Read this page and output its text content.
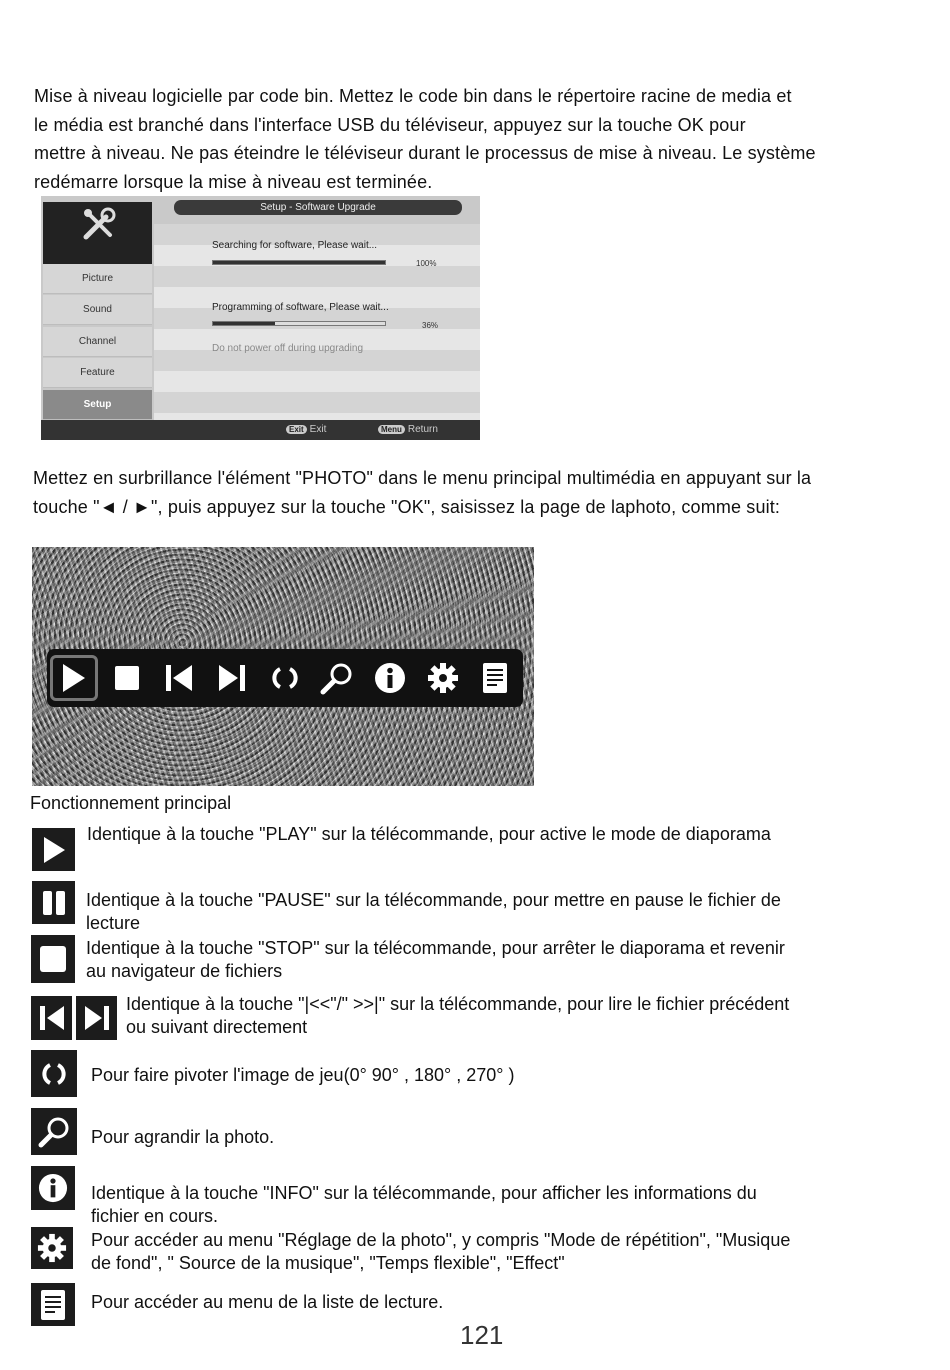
Mise à niveau logicielle par code bin. Mettez le code bin dans le répertoire racine de media et
le média est branché dans l'interface USB du téléviseur, appuyez sur la touche OK pour
mettre à niveau. Ne pas éteindre le téléviseur durant le processus de mise à niveau. Le système
redémarre lorsque la mise à niveau est terminée.
Setup - Software Upgrade
Picture
Sound
Channel
Feature
Setup
Searching for software, Please wait...
100%
Programming of software, Please wait...
36%
Do not power off during upgrading
Exit Exit	Menu Return
Mettez en surbrillance l'élément "PHOTO" dans le menu principal multimédia en appuyant sur la
touche "◄ / ►", puis appuyez sur la touche "OK", saisissez la page de laphoto, comme suit:
Fonctionnement principal
Identique à la touche "PLAY" sur la télécommande, pour active le mode de diaporama
Identique à la touche "PAUSE" sur la télécommande, pour mettre en pause le fichier de
lecture
Identique à la touche "STOP" sur la télécommande, pour arrêter le diaporama et revenir
au navigateur de fichiers
Identique à la touche "|<<"/" >>|" sur la télécommande, pour lire le fichier précédent
ou suivant directement
Pour faire pivoter l'image de jeu(0° 90° , 180° , 270° )
Pour agrandir la photo.
Identique à la touche "INFO" sur la télécommande, pour afficher les informations du
fichier en cours.
Pour accéder au menu "Réglage de la photo", y compris "Mode de répétition", "Musique
de fond", " Source de la musique", "Temps flexible", "Effect"
Pour accéder au menu de la liste de lecture.
121
